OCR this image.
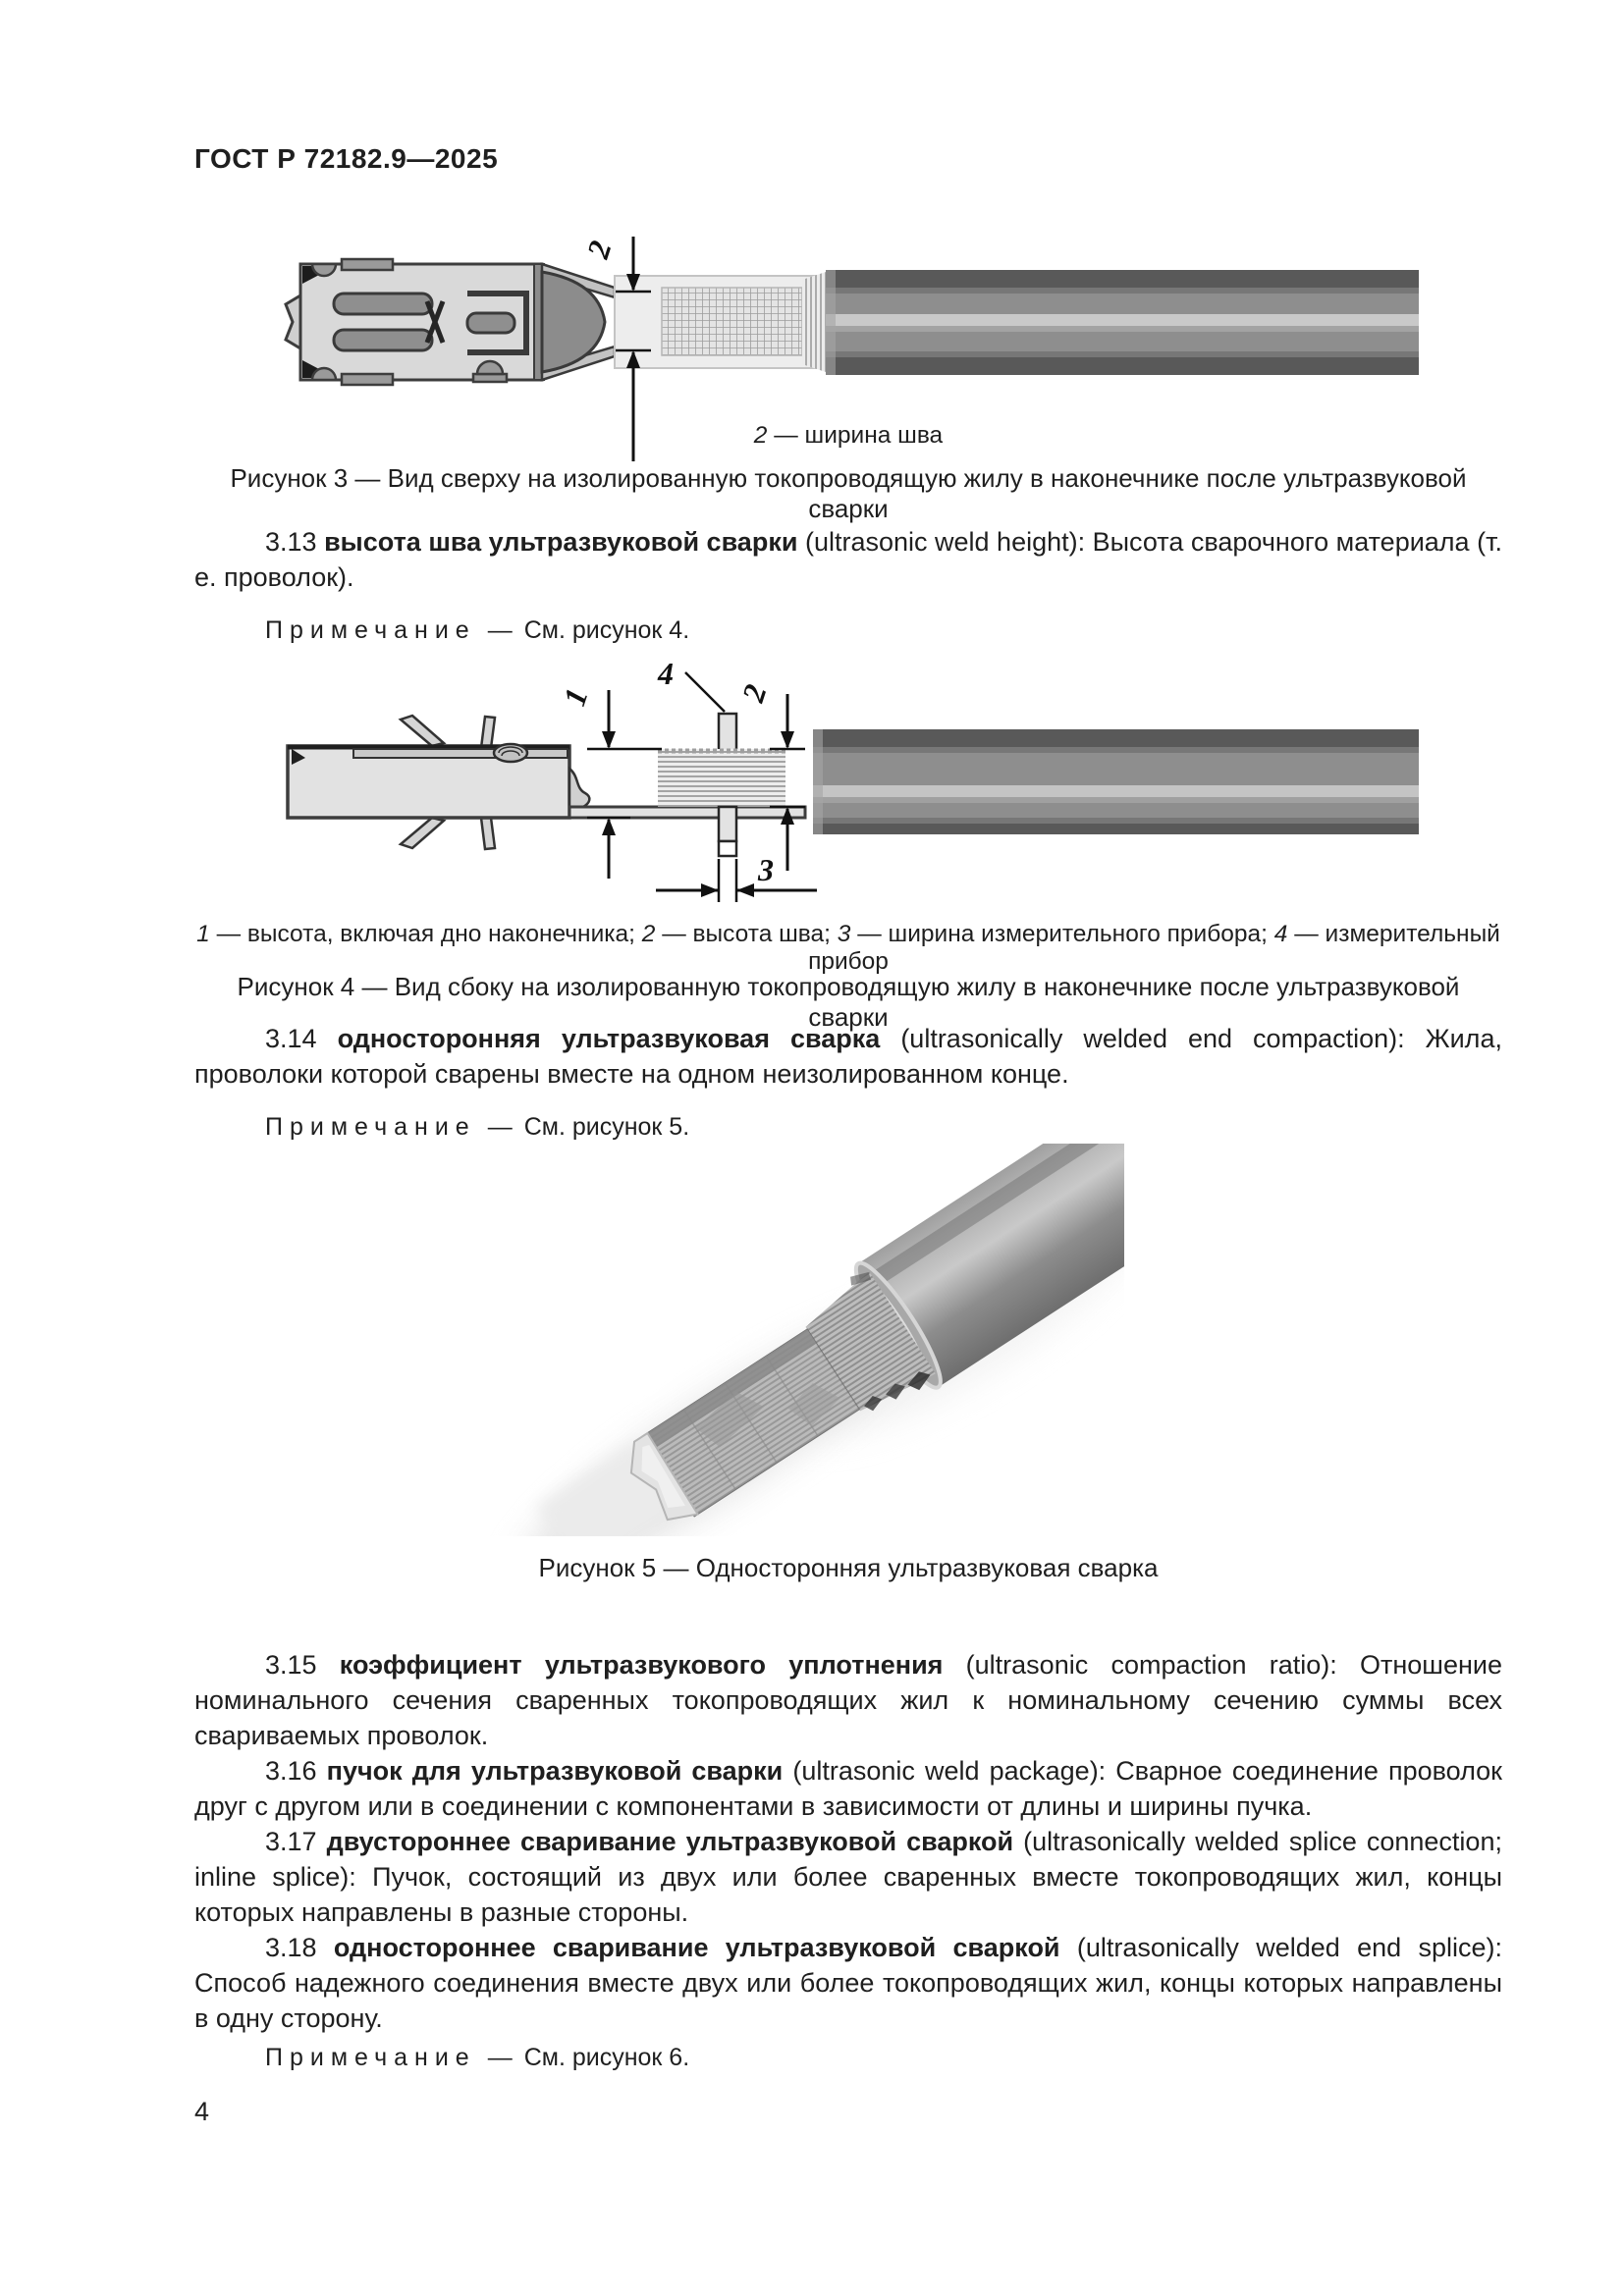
ГОСТ Р 72182.9—2025
2

2 — ширина шва

Рисунок 3 — Вид сверху на изолированную токопроводящую жилу в наконечнике после ультразвуковой сварки

3.13 высота шва ультразвуковой сварки (ultrasonic weld height): Высота сварочного материала (т. е. проволок).

Примечание — См. рисунок 4.

1	2
3
4

1 — высота, включая дно наконечника; 2 — высота шва; 3 — ширина измерительного прибора; 4 — измерительный прибор

Рисунок 4 — Вид сбоку на изолированную токопроводящую жилу в наконечнике после ультразвуковой сварки

3.14 односторонняя ультразвуковая сварка (ultrasonically welded end compaction): Жила, проволоки которой сварены вместе на одном неизолированном конце.

Примечание — См. рисунок 5.

Рисунок 5 — Односторонняя ультразвуковая сварка

3.15 коэффициент ультразвукового уплотнения (ultrasonic compaction ratio): Отношение номинального сечения сваренных токопроводящих жил к номинальному сечению суммы всех свариваемых проволок.

3.16 пучок для ультразвуковой сварки (ultrasonic weld package): Сварное соединение проволок друг с другом или в соединении с компонентами в зависимости от длины и ширины пучка.

3.17 двустороннее сваривание ультразвуковой сваркой (ultrasonically welded splice connection; inline splice): Пучок, состоящий из двух или более сваренных вместе токопроводящих жил, концы которых направлены в разные стороны.

3.18 одностороннее сваривание ультразвуковой сваркой (ultrasonically welded end splice): Способ надежного соединения вместе двух или более токопроводящих жил, концы которых направлены в одну сторону.

Примечание — См. рисунок 6.

4
